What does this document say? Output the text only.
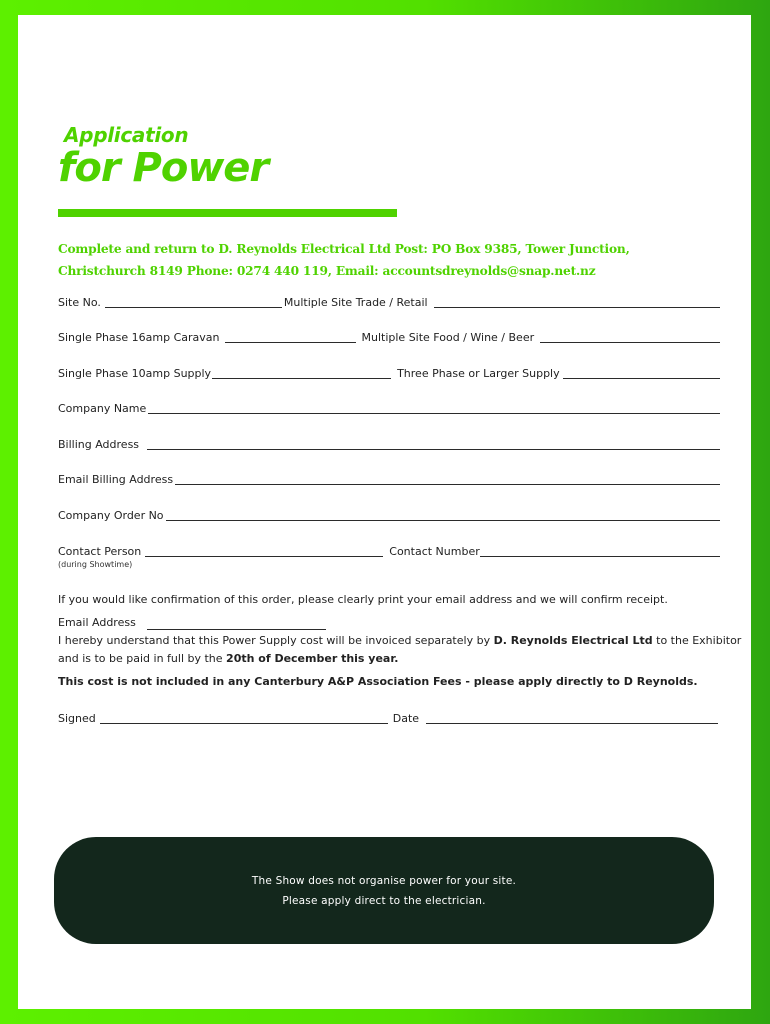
Application
for Power

Complete and return to D. Reynolds Electrical Ltd Post: PO Box 9385, Tower Junction,
Christchurch 8149 Phone: 0274 440 119, Email: accountsdreynolds@snap.net.nz

Site No.	Multiple Site Trade / Retail
Single Phase 16amp Caravan	Multiple Site Food / Wine / Beer
Single Phase 10amp Supply	Three Phase or Larger Supply
Company Name
Billing Address
Email Billing Address
Company Order No
Contact Person	Contact Number
(during Showtime)
If you would like confirmation of this order, please clearly print your email address and we will confirm receipt.
Email Address
I hereby understand that this Power Supply cost will be invoiced separately by D. Reynolds Electrical Ltd to the Exhibitor
and is to be paid in full by the 20th of December this year.
This cost is not included in any Canterbury A&P Association Fees - please apply directly to D Reynolds.
Signed	Date
The Show does not organise power for your site.
Please apply direct to the electrician.
